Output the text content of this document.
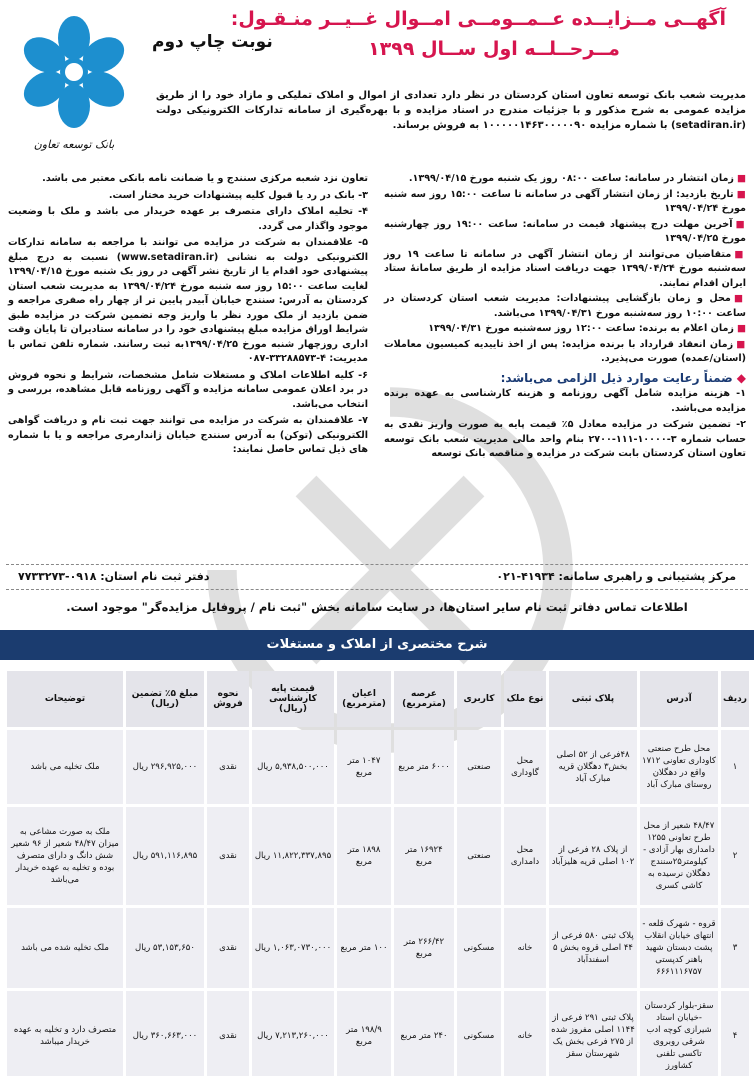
آگهــی مــزایــده عــمــومــی امــوال غــیــر منـقـول:
مــرحــلــه اول ســال ۱۳۹۹
نوبت چاپ دوم
بانک توسعه تعاون
مدیریت شعب بانک توسعه تعاون استان کردستان در نظر دارد تعدادی از اموال و املاک تملیکی و مازاد خود را از طریق مزایده عمومی به شرح مذکور و با جزئیات مندرج در اسناد مزایده و با بهره‌گیری از سامانه تدارکات الکترونیکی دولت (setadiran.ir) با شماره مزایده ۱۰۰۰۰۰۱۴۶۳۰۰۰۰۰۹۰ به فروش برساند.
■زمان انتشار در سامانه: ساعت ۰۸:۰۰ روز یک شنبه مورخ ۱۳۹۹/۰۴/۱۵.
■تاریخ بازدید: از زمان انتشار آگهی در سامانه تا ساعت ۱۵:۰۰ روز سه شنبه مورخ ۱۳۹۹/۰۴/۲۴
■آخرین مهلت درج پیشنهاد قیمت در سامانه: ساعت ۱۹:۰۰ روز چهارشنبه مورخ ۱۳۹۹/۰۴/۲۵
■متقاضیان می‌توانند از زمان انتشار آگهی در سامانه تا ساعت ۱۹ روز سه‌شنبه مورخ ۱۳۹۹/۰۴/۲۴ جهت دریافت اسناد مزایده از طریق سامانهٔ ستاد ایران اقدام نمایند.
■محل و زمان بازگشایی پیشنهادات: مدیریت شعب استان کردستان در ساعت ۱۰:۰۰ روز سه‌شنبه مورخ ۱۳۹۹/۰۴/۳۱ می‌باشد.
■زمان اعلام به برنده: ساعت ۱۲:۰۰ روز سه‌شنبه مورخ ۱۳۹۹/۰۴/۳۱
■زمان انعقاد قرارداد با برنده مزایده: پس از اخذ تاییدیه کمیسیون معاملات (استان/عمده) صورت می‌پذیرد.
◆ضمناً رعایت موارد ذیل الزامی می‌باشد:
۱- هزینه مزایده شامل آگهی روزنامه و هزینه کارشناسی به عهده برنده مزایده می‌باشد.
۲- تضمین شرکت در مزایده معادل ۵٪ قیمت پایه به صورت واریز نقدی به حساب شماره ۳-۱۰۰۰۰-۱۱۱-۲۷۰۰ بنام واحد مالی مدیریت شعب بانک توسعه تعاون استان کردستان بابت شرکت در مزایده و مناقصه بانک توسعه
تعاون نزد شعبه مرکزی سنندج و یا ضمانت نامه بانکی معتبر می باشد.
۳- بانک در رد یا قبول کلیه پیشنهادات خرید مختار است.
۴- تخلیه املاک دارای متصرف بر عهده خریدار می باشد و ملک با وضعیت موجود واگذار می گردد.
۵- علاقمندان به شرکت در مزایده می توانند با مراجعه به سامانه تدارکات الکترونیکی دولت به نشانی (www.setadiran.ir) نسبت به درج مبلغ پیشنهادی خود اقدام یا از تاریخ نشر آگهی در روز یک شنبه مورخ ۱۳۹۹/۰۴/۱۵ لغایت ساعت ۱۵:۰۰ روز سه شنبه مورخ ۱۳۹۹/۰۴/۲۴ به مدیریت شعب استان کردستان به آدرس: سنندج خیابان آبیدر پایین تر از چهار راه صفری مراجعه و ضمن بازدید از ملک مورد نظر با واریز وجه تضمین شرکت در مزایده طبق شرایط اوراق مزایده مبلغ پیشنهادی خود را در سامانه ستادیران تا پایان وقت اداری روزچهار شنبه مورخ ۱۳۹۹/۰۴/۲۵به ثبت رسانند. شماره تلفن تماس با مدیریت: ۴-۳۳۲۸۸۵۷۳-۰۸۷
۶- کلیه اطلاعات املاک و مستغلات شامل مشخصات، شرایط و نحوه فروش در برد اعلان عمومی سامانه مزایده و آگهی روزنامه قابل مشاهده، بررسی و انتخاب می‌باشد.
۷- علاقمندان به شرکت در مزایده می توانند جهت ثبت نام و دریافت گواهی الکترونیکی (توکن) به آدرس سنندج خیابان ژاندارمری مراجعه و یا با شماره های ذیل تماس حاصل نمایند:
مرکز پشتیبانی و راهبری سامانه: ۴۱۹۳۴-۰۲۱
دفتر ثبت نام استان: ۰۹۱۸-۷۷۳۳۲۷۳
اطلاعات تماس دفاتر ثبت نام سایر استان‌ها، در سایت سامانه بخش "ثبت نام / پروفایل مزایده‌گر" موجود است.
شرح مختصری از املاک و مستغلات
ردیف	آدرس	پلاک ثبتی	نوع ملک	کاربری	عرصه (مترمربع)	اعیان (مترمربع)	قیمت پایه کارشناسی (ریال)	نحوه فروش	مبلغ ۵٪ تضمین (ریال)	توضیحات
۱	محل طرح صنعتی کاوداری تعاونی ۱۷۱۲ واقع در دهگلان روستای مبارک آباد	۴۸فرعی از ۵۲ اصلی بخش۳ دهگلان قریه مبارک آباد	محل گاوداری	صنعتی	۶۰۰۰ متر مربع	۱۰۴۷ متر مربع	۵,۹۳۸,۵۰۰,۰۰۰ ریال	نقدی	۲۹۶,۹۲۵,۰۰۰ ریال	ملک تخلیه می باشد
۲	۴۸/۴۷ شعیر از محل طرح تعاونی ۱۲۵۵ دامداری بهار آزادی - کیلومتر۲۵سنندج دهگلان نرسیده به کاشی کسری	از پلاک ۲۸ فرعی از ۱۰۲ اصلی قریه هلیزآباد	محل دامداری	صنعتی	۱۶۹۲۴ متر مربع	۱۸۹۸ متر مربع	۱۱,۸۲۲,۳۳۷,۸۹۵ ریال	نقدی	۵۹۱,۱۱۶,۸۹۵ ریال	ملک به صورت مشاعی به میزان ۴۸/۴۷ شعیر از ۹۶ شعیر شش دانگ و دارای متصرف بوده و تخلیه به عهده خریدار می‌باشد
۳	قروه - شهرک قلعه - انتهای خیابان انقلاب پشت دبستان شهید باهنر کدپستی ۶۶۶۱۱۱۶۷۵۷	پلاک ثبتی ۵۸۰ فرعی از ۴۴ اصلی قروه بخش ۵ اسفندآباد	خانه	مسکونی	۲۶۶/۴۲ متر مربع	۱۰۰ متر مربع	۱,۰۶۳,۰۷۳۰,۰۰۰ ریال	نقدی	۵۳,۱۵۳,۶۵۰ ریال	ملک تخلیه شده می باشد
۴	سقز-بلوار کردستان -خیابان استاد شیرازی کوچه ادب شرقی روبروی تاکسی تلفنی کشاورز	پلاک ثبتی ۲۹۱ فرعی از ۱۱۴۴ اصلی مفروز شده از ۲۷۵ فرعی بخش یک شهرستان سقز	خانه	مسکونی	۲۴۰ متر مربع	۱۹۸/۹ متر مربع	۷,۲۱۳,۲۶۰,۰۰۰ ریال	نقدی	۳۶۰,۶۶۳,۰۰۰ ریال	متصرف دارد و تخلیه به عهده خریدار میباشد
